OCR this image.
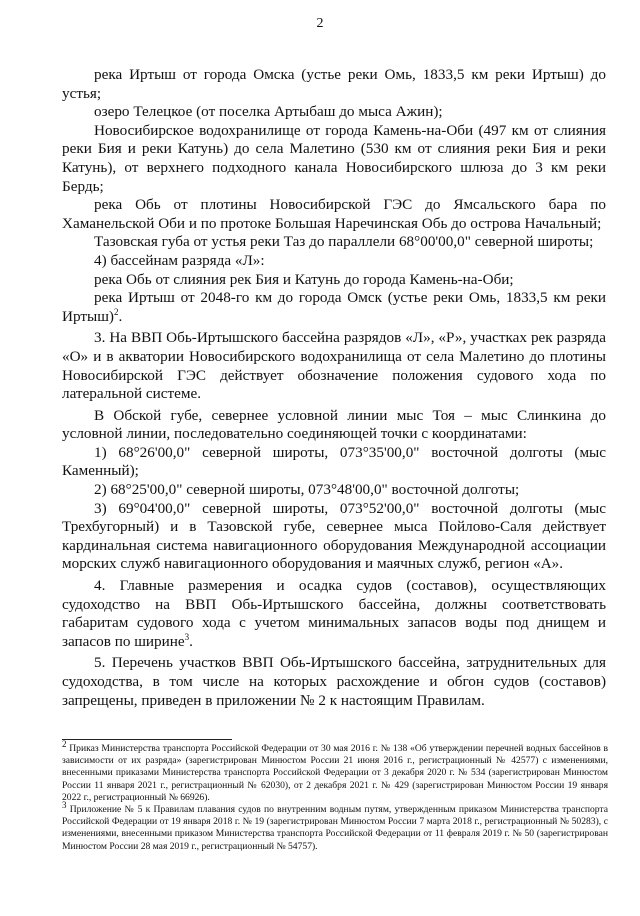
2

река Иртыш от города Омска (устье реки Омь, 1833,5 км реки Иртыш) до устья;

озеро Телецкое (от поселка Артыбаш до мыса Ажин);

Новосибирское водохранилище от города Камень-на-Оби (497 км от слияния реки Бия и реки Катунь) до села Малетино (530 км от слияния реки Бия и реки Катунь), от верхнего подходного канала Новосибирского шлюза до 3 км реки Бердь;

река Обь от плотины Новосибирской ГЭС до Ямсальского бара по Хаманельской Оби и по протоке Большая Наречинская Обь до острова Начальный;

Тазовская губа от устья реки Таз до параллели 68°00'00,0" северной широты;

4) бассейнам разряда «Л»:

река Обь от слияния рек Бия и Катунь до города Камень-на-Оби;

река Иртыш от 2048-го км до города Омск (устье реки Омь, 1833,5 км реки Иртыш)$^2$.

3. На ВВП Обь-Иртышского бассейна разрядов «Л», «Р», участках рек разряда «О» и в акватории Новосибирского водохранилища от села Малетино до плотины Новосибирской ГЭС действует обозначение положения судового хода по латеральной системе.

В Обской губе, севернее условной линии мыс Тоя – мыс Слинкина до условной линии, последовательно соединяющей точки с координатами:

1) 68°26'00,0" северной широты, 073°35'00,0" восточной долготы (мыс Каменный);

2) 68°25'00,0" северной широты, 073°48'00,0" восточной долготы;

3) 69°04'00,0" северной широты, 073°52'00,0" восточной долготы (мыс Трехбугорный) и в Тазовской губе, севернее мыса Пойлово-Саля действует кардинальная система навигационного оборудования Международной ассоциации морских служб навигационного оборудования и маячных служб, регион «А».

4. Главные размерения и осадка судов (составов), осуществляющих судоходство на ВВП Обь-Иртышского бассейна, должны соответствовать габаритам судового хода с учетом минимальных запасов воды под днищем и запасов по ширине$^3$.

5. Перечень участков ВВП Обь-Иртышского бассейна, затруднительных для судоходства, в том числе на которых расхождение и обгон судов (составов) запрещены, приведен в приложении № 2 к настоящим Правилам.

$^2$ Приказ Министерства транспорта Российской Федерации от 30 мая 2016 г. № 138 «Об утверждении перечней водных бассейнов в зависимости от их разряда» (зарегистрирован Минюстом России 21 июня 2016 г., регистрационный № 42577) с изменениями, внесенными приказами Министерства транспорта Российской Федерации от 3 декабря 2020 г. № 534 (зарегистрирован Минюстом России 11 января 2021 г., регистрационный № 62030), от 2 декабря 2021 г. № 429 (зарегистрирован Минюстом России 19 января 2022 г., регистрационный № 66926).

$^3$ Приложение № 5 к Правилам плавания судов по внутренним водным путям, утвержденным приказом Министерства транспорта Российской Федерации от 19 января 2018 г. № 19 (зарегистрирован Минюстом России 7 марта 2018 г., регистрационный № 50283), с изменениями, внесенными приказом Министерства транспорта Российской Федерации от 11 февраля 2019 г. № 50 (зарегистрирован Минюстом России 28 мая 2019 г., регистрационный № 54757).
